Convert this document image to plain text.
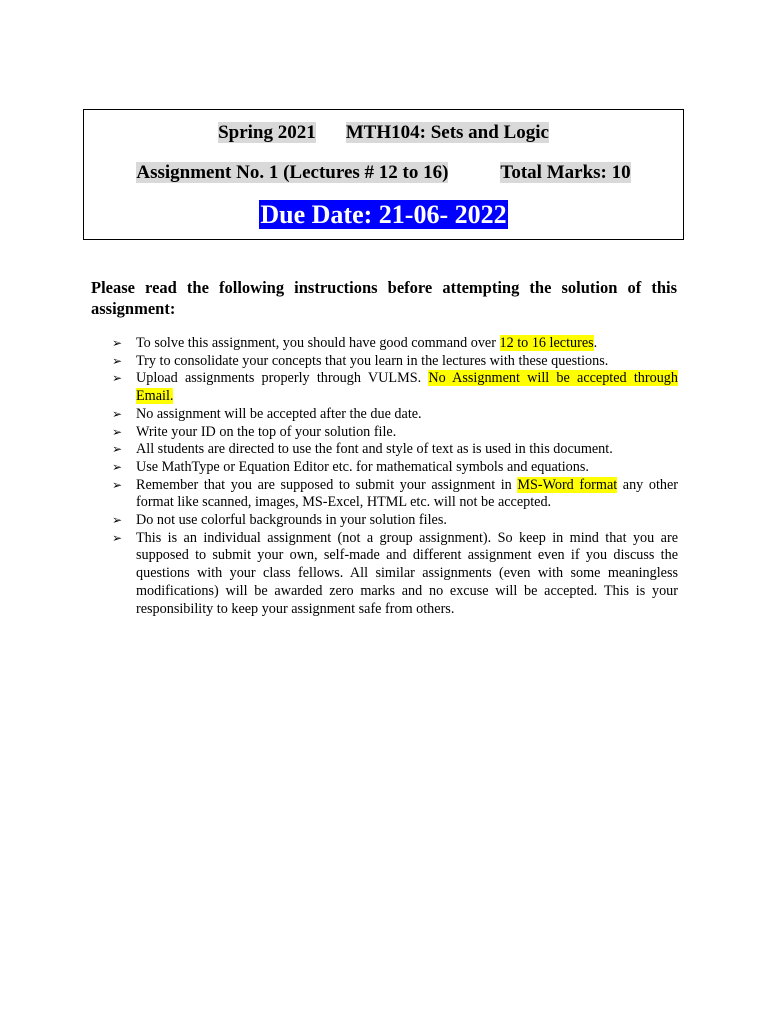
Spring 2021 MTH104: Sets and Logic
Assignment No. 1 (Lectures # 12 to 16)	Total Marks: 10
Due Date: 21-06- 2022
Please read the following instructions before attempting the solution of this assignment:
➢ To solve this assignment, you should have good command over 12 to 16 lectures.
➢ Try to consolidate your concepts that you learn in the lectures with these questions.
➢ Upload assignments properly through VULMS. No Assignment will be accepted through Email.
➢ No assignment will be accepted after the due date.
➢ Write your ID on the top of your solution file.
➢ All students are directed to use the font and style of text as is used in this document.
➢ Use MathType or Equation Editor etc. for mathematical symbols and equations.
➢ Remember that you are supposed to submit your assignment in MS-Word format any other format like scanned, images, MS-Excel, HTML etc. will not be accepted.
➢ Do not use colorful backgrounds in your solution files.
➢ This is an individual assignment (not a group assignment). So keep in mind that you are supposed to submit your own, self-made and different assignment even if you discuss the questions with your class fellows. All similar assignments (even with some meaningless modifications) will be awarded zero marks and no excuse will be accepted. This is your responsibility to keep your assignment safe from others.
